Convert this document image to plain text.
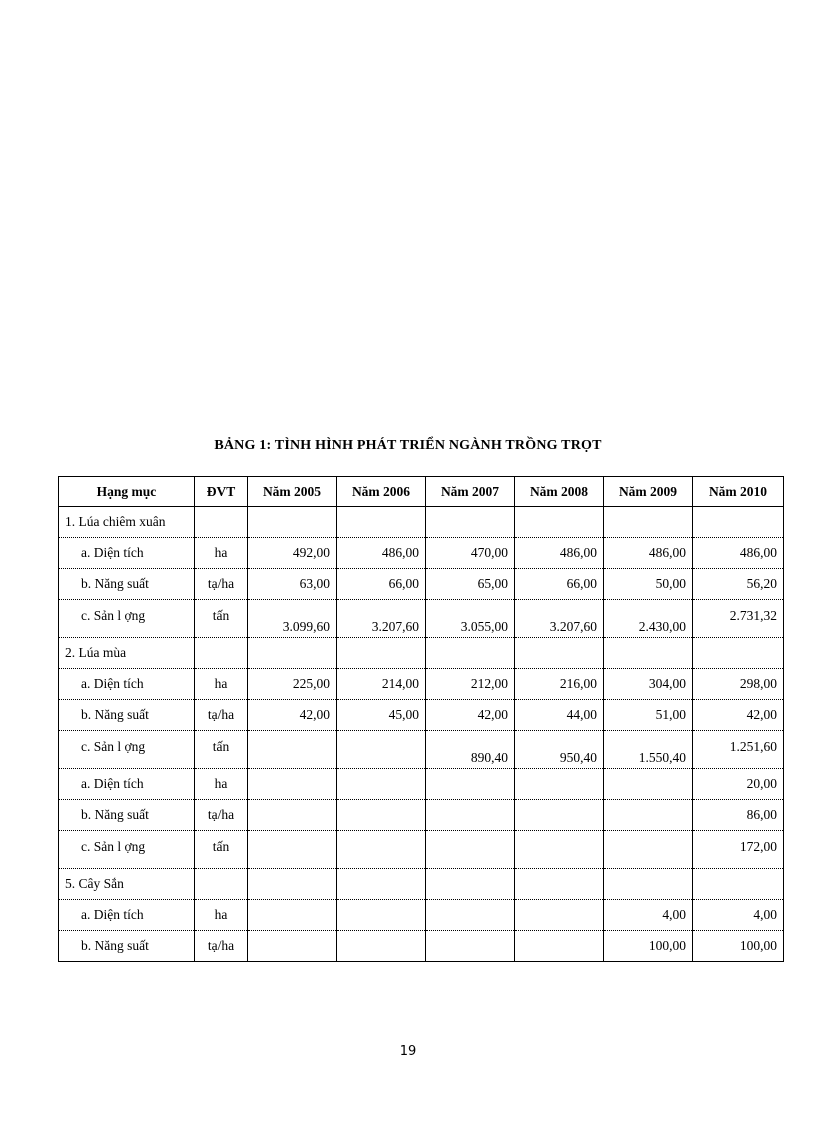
BẢNG 1: TÌNH HÌNH PHÁT TRIỂN NGÀNH TRỒNG TRỌT
Hạng mục	ĐVT	Năm 2005	Năm 2006	Năm 2007	Năm 2008	Năm 2009	Năm 2010
1. Lúa chiêm xuân							
a. Diện tích	ha	492,00	486,00	470,00	486,00	486,00	486,00
b. Năng suất	tạ/ha	63,00	66,00	65,00	66,00	50,00	56,20
c. Sản l ợng	tấn	3.099,60	3.207,60	3.055,00	3.207,60	2.430,00	2.731,32
2. Lúa mùa							
a. Diện tích	ha	225,00	214,00	212,00	216,00	304,00	298,00
b. Năng suất	tạ/ha	42,00	45,00	42,00	44,00	51,00	42,00
c. Sản l ợng	tấn			890,40	950,40	1.550,40	1.251,60
a. Diện tích	ha						20,00
b. Năng suất	tạ/ha						86,00
c. Sản l ợng	tấn						172,00
5. Cây Sắn							
a. Diện tích	ha					4,00	4,00
b. Năng suất	tạ/ha					100,00	100,00
19
